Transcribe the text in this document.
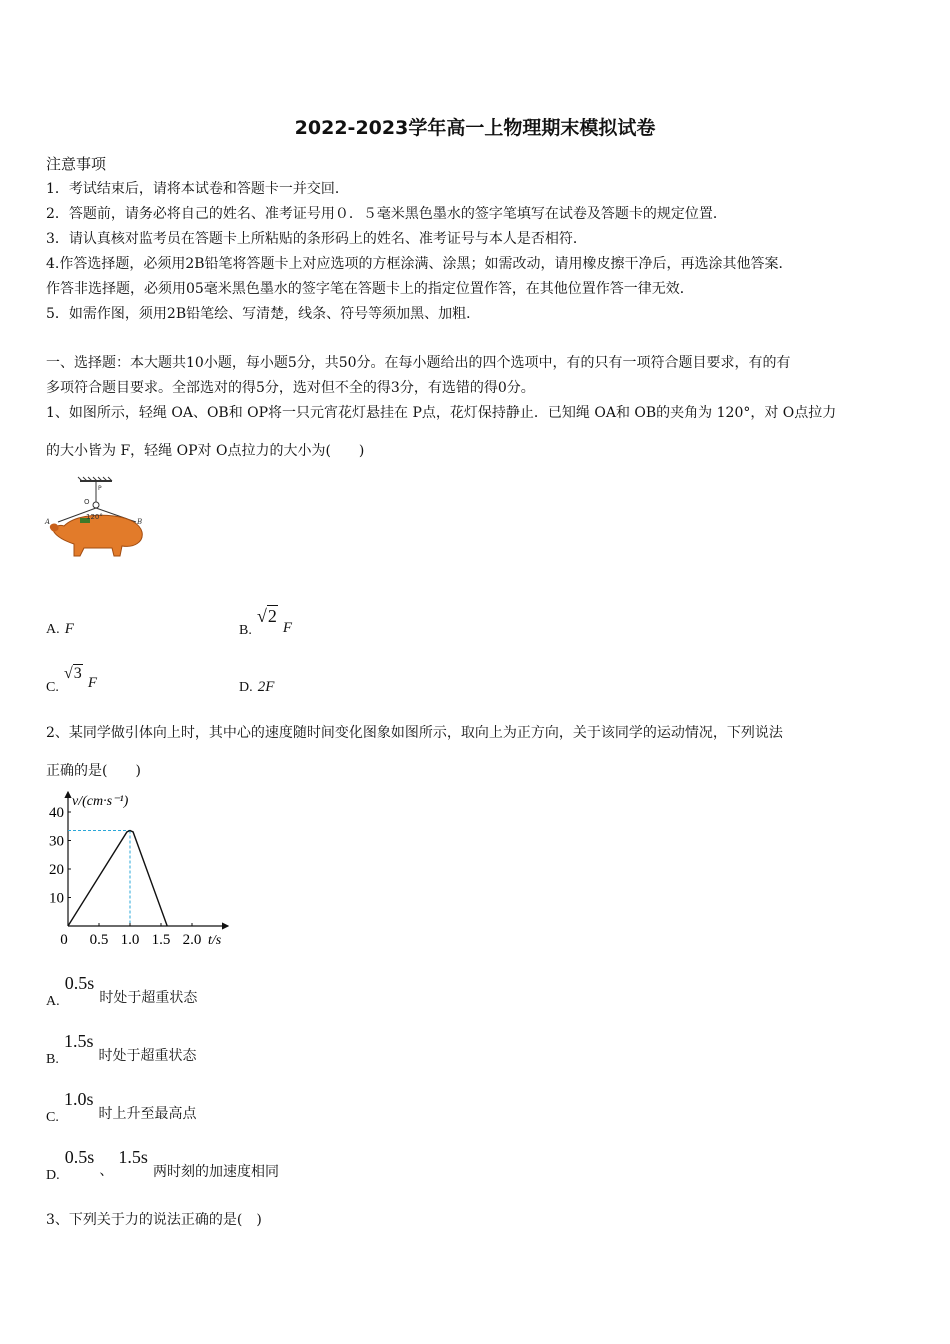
2022-2023学年高一上物理期末模拟试卷
注意事项
1．考试结束后，请将本试卷和答题卡一并交回．
2．答题前，请务必将自己的姓名、准考证号用０．５毫米黑色墨水的签字笔填写在试卷及答题卡的规定位置．
3．请认真核对监考员在答题卡上所粘贴的条形码上的姓名、准考证号与本人是否相符．
4.作答选择题，必须用2B铅笔将答题卡上对应选项的方框涂满、涂黑；如需改动，请用橡皮擦干净后，再选涂其他答案．
作答非选择题，必须用05毫米黑色墨水的签字笔在答题卡上的指定位置作答，在其他位置作答一律无效．
5．如需作图，须用2B铅笔绘、写清楚，线条、符号等须加黑、加粗．
一、选择题：本大题共10小题，每小题5分，共50分。在每小题给出的四个选项中，有的只有一项符合题目要求，有的有
多项符合题目要求。全部选对的得5分，选对但不全的得3分，有选错的得0分。
1、如图所示，轻绳 OA、OB和 OP将一只元宵花灯悬挂在 P点，花灯保持静止．已知绳 OA和 OB的夹角为 120°，对 O点拉力
的大小皆为 F，轻绳 OP对 O点拉力的大小为(　　)
P
O
A	B
120°
A. F	B. √2 F
C. √3 F	D. 2F
2、某同学做引体向上时，其中心的速度随时间变化图象如图所示，取向上为正方向，关于该同学的运动情况，下列说法
正确的是(　　)
10
20
30
40
0 0.5 1.0 1.5 2.0
v/(cm·s⁻¹)
t/s
A. 0.5s 时处于超重状态
B. 1.5s 时处于超重状态
C. 1.0s 时上升至最高点
D. 0.5s 、 1.5s 两时刻的加速度相同
3、下列关于力的说法正确的是(　)
